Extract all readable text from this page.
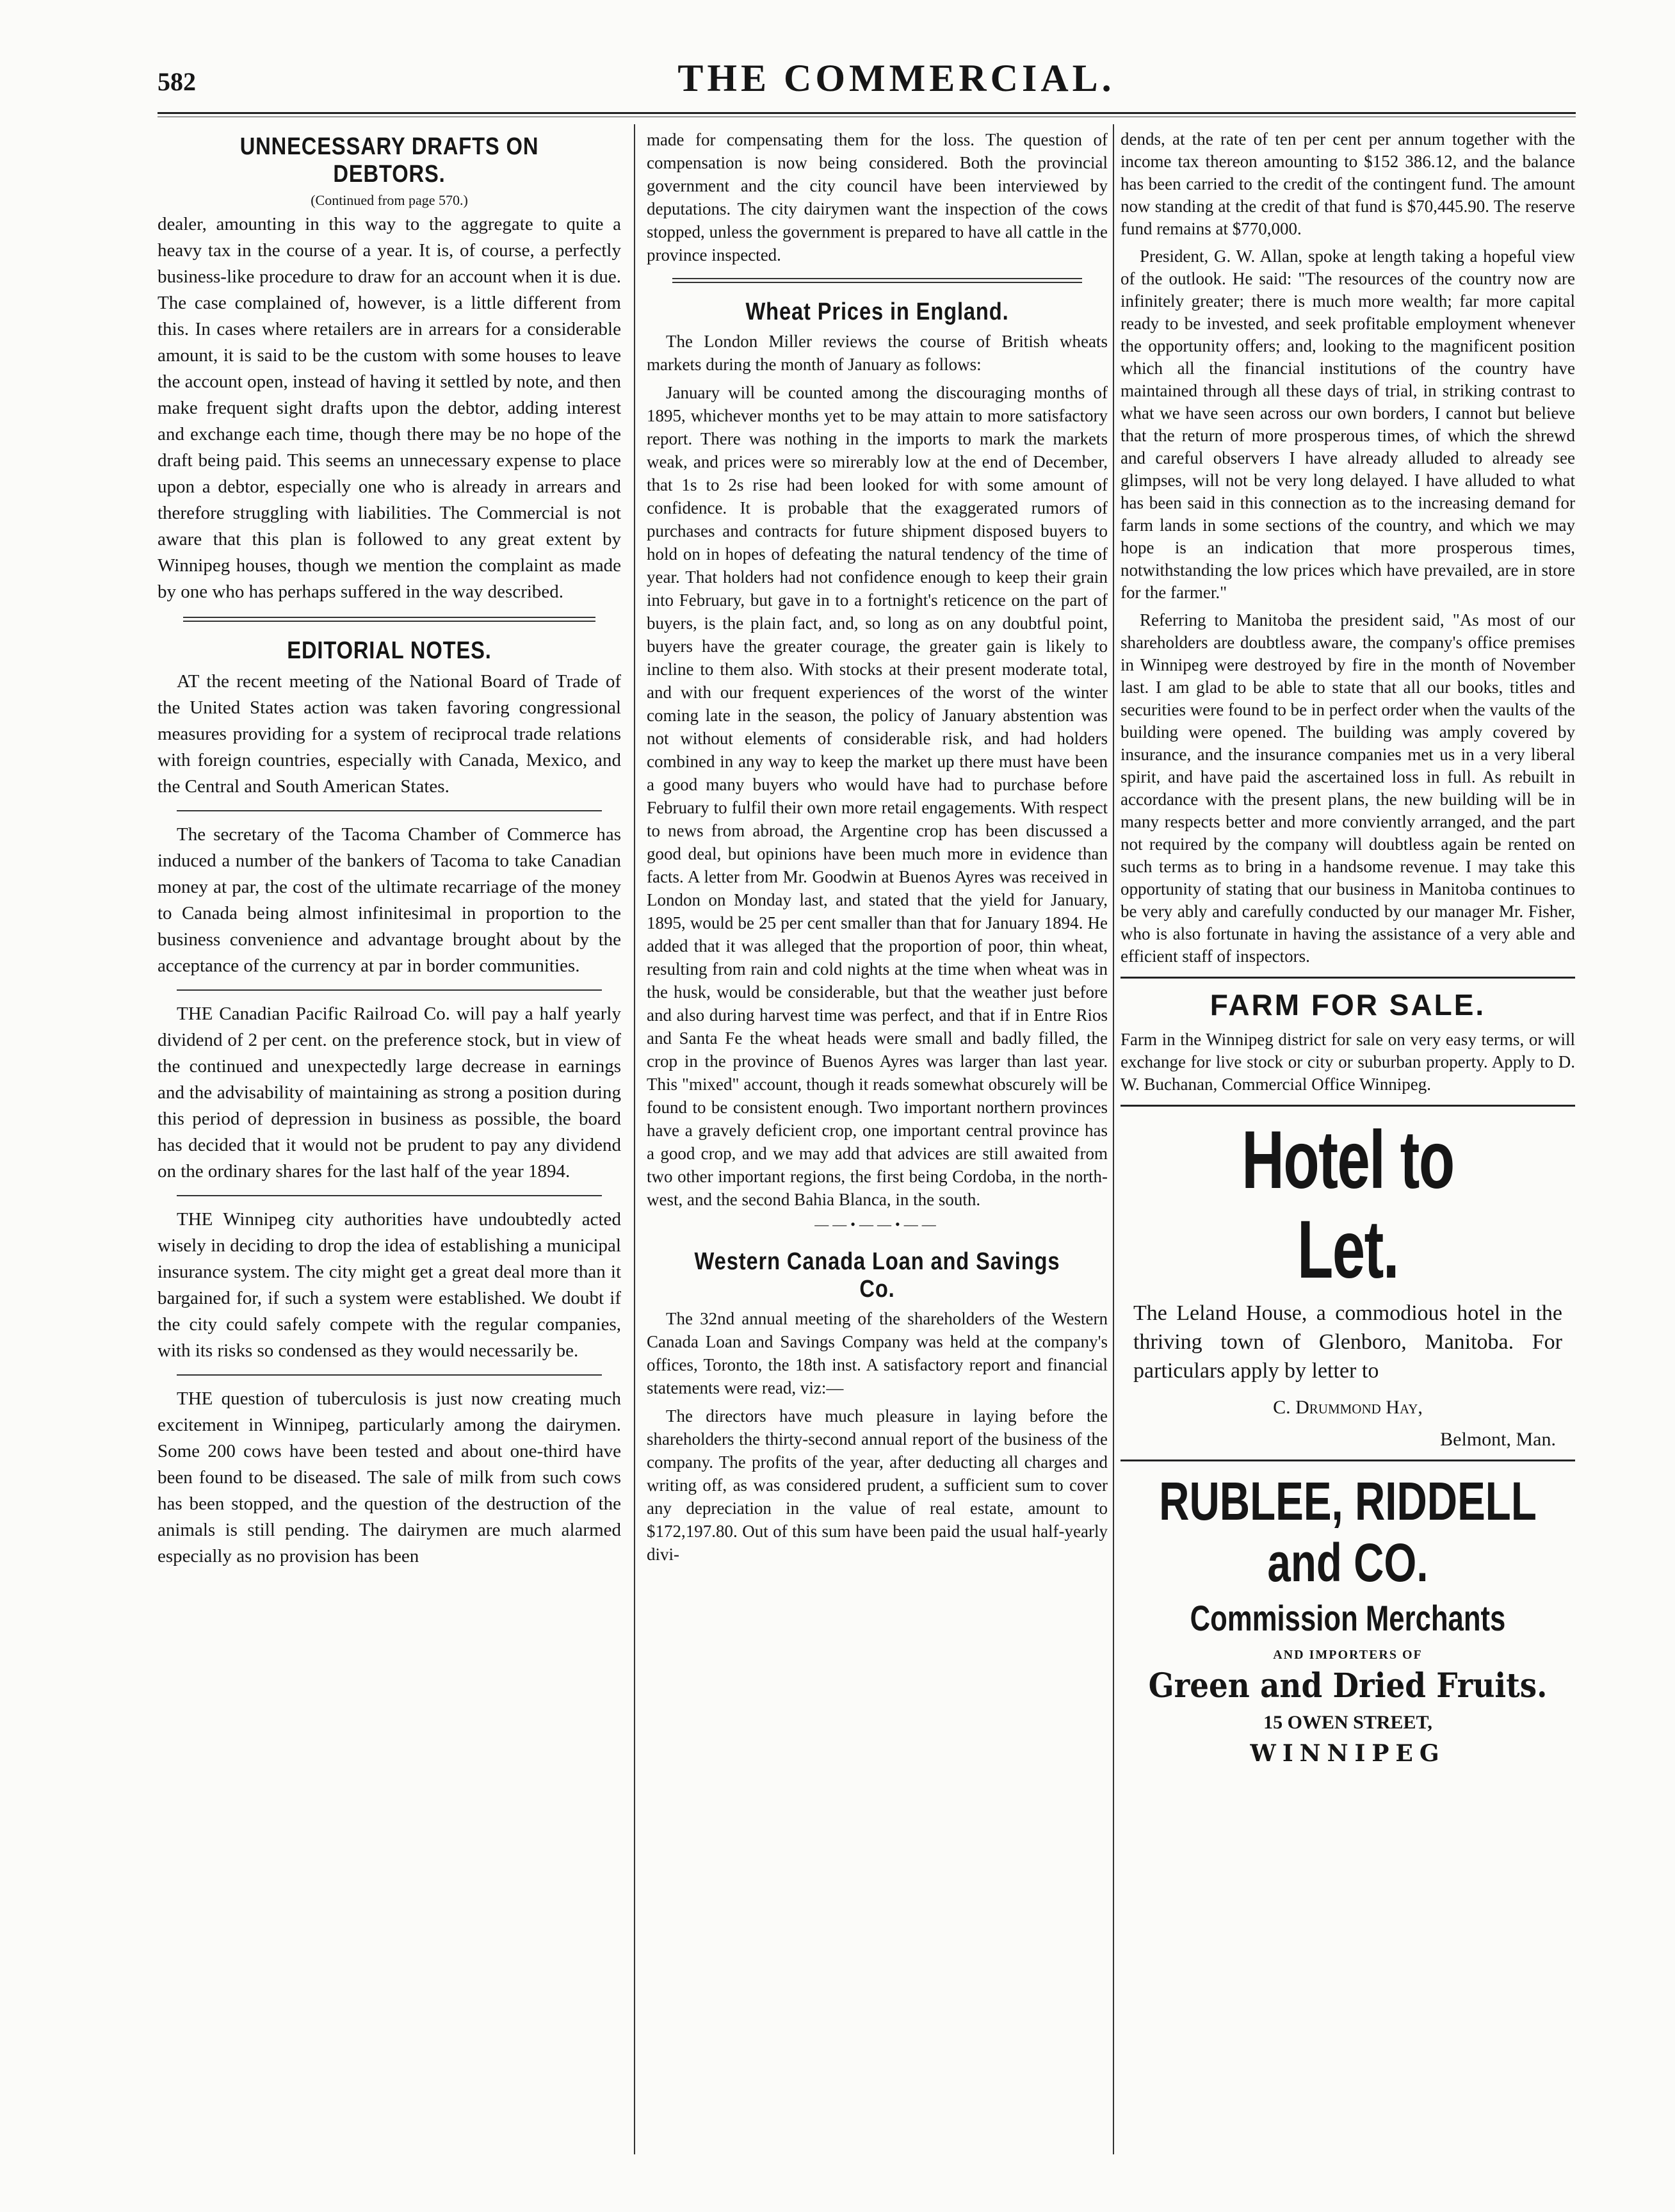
582	THE COMMERCIAL.
UNNECESSARY DRAFTS ON DEBTORS.
(Continued from page 570.)

dealer, amounting in this way to the aggregate to quite a heavy tax in the course of a year. It is, of course, a perfectly business-like procedure to draw for an account when it is due. The case complained of, however, is a little different from this. In cases where retailers are in arrears for a considerable amount, it is said to be the custom with some houses to leave the account open, instead of having it settled by note, and then make frequent sight drafts upon the debtor, adding interest and exchange each time, though there may be no hope of the draft being paid. This seems an unnecessary expense to place upon a debtor, especially one who is already in arrears and therefore struggling with liabilities. The Commercial is not aware that this plan is followed to any great extent by Winnipeg houses, though we mention the complaint as made by one who has perhaps suffered in the way described.

EDITORIAL NOTES.

AT the recent meeting of the National Board of Trade of the United States action was taken favoring congressional measures providing for a system of reciprocal trade relations with foreign countries, especially with Canada, Mexico, and the Central and South American States.

The secretary of the Tacoma Chamber of Commerce has induced a number of the bankers of Tacoma to take Canadian money at par, the cost of the ultimate recarriage of the money to Canada being almost infinitesimal in proportion to the business convenience and advantage brought about by the acceptance of the currency at par in border communities.

THE Canadian Pacific Railroad Co. will pay a half yearly dividend of 2 per cent. on the preference stock, but in view of the continued and unexpectedly large decrease in earnings and the advisability of maintaining as strong a position during this period of depression in business as possible, the board has decided that it would not be prudent to pay any dividend on the ordinary shares for the last half of the year 1894.

THE Winnipeg city authorities have undoubtedly acted wisely in deciding to drop the idea of establishing a municipal insurance system. The city might get a great deal more than it bargained for, if such a system were established. We doubt if the city could safely compete with the regular companies, with its risks so condensed as they would necessarily be.

THE question of tuberculosis is just now creating much excitement in Winnipeg, particularly among the dairymen. Some 200 cows have been tested and about one-third have been found to be diseased. The sale of milk from such cows has been stopped, and the question of the destruction of the animals is still pending. The dairymen are much alarmed especially as no provision has been

made for compensating them for the loss. The question of compensation is now being considered. Both the provincial government and the city council have been interviewed by deputations. The city dairymen want the inspection of the cows stopped, unless the government is prepared to have all cattle in the province inspected.

Wheat Prices in England.

The London Miller reviews the course of British wheats markets during the month of January as follows:

January will be counted among the discouraging months of 1895, whichever months yet to be may attain to more satisfactory report. There was nothing in the imports to mark the markets weak, and prices were so mirerably low at the end of December, that 1s to 2s rise had been looked for with some amount of confidence. It is probable that the exaggerated rumors of purchases and contracts for future shipment disposed buyers to hold on in hopes of defeating the natural tendency of the time of year. That holders had not confidence enough to keep their grain into February, but gave in to a fortnight's reticence on the part of buyers, is the plain fact, and, so long as on any doubtful point, buyers have the greater courage, the greater gain is likely to incline to them also. With stocks at their present moderate total, and with our frequent experiences of the worst of the winter coming late in the season, the policy of January abstention was not without elements of considerable risk, and had holders combined in any way to keep the market up there must have been a good many buyers who would have had to purchase before February to fulfil their own more retail engagements. With respect to news from abroad, the Argentine crop has been discussed a good deal, but opinions have been much more in evidence than facts. A letter from Mr. Goodwin at Buenos Ayres was received in London on Monday last, and stated that the yield for January, 1895, would be 25 per cent smaller than that for January 1894. He added that it was alleged that the proportion of poor, thin wheat, resulting from rain and cold nights at the time when wheat was in the husk, would be considerable, but that the weather just before and also during harvest time was perfect, and that if in Entre Rios and Santa Fe the wheat heads were small and badly filled, the crop in the province of Buenos Ayres was larger than last year. This "mixed" account, though it reads somewhat obscurely will be found to be consistent enough. Two important northern provinces have a gravely deficient crop, one important central province has a good crop, and we may add that advices are still awaited from two other important regions, the first being Cordoba, in the north-west, and the second Bahia Blanca, in the south.

——•——•——
Western Canada Loan and Savings Co.

The 32nd annual meeting of the shareholders of the Western Canada Loan and Savings Company was held at the company's offices, Toronto, the 18th inst. A satisfactory report and financial statements were read, viz:—

The directors have much pleasure in laying before the shareholders the thirty-second annual report of the business of the company. The profits of the year, after deducting all charges and writing off, as was considered prudent, a sufficient sum to cover any depreciation in the value of real estate, amount to $172,197.80. Out of this sum have been paid the usual half-yearly divi-

dends, at the rate of ten per cent per annum together with the income tax thereon amounting to $152 386.12, and the balance has been carried to the credit of the contingent fund. The amount now standing at the credit of that fund is $70,445.90. The reserve fund remains at $770,000.

President, G. W. Allan, spoke at length taking a hopeful view of the outlook. He said: "The resources of the country now are infinitely greater; there is much more wealth; far more capital ready to be invested, and seek profitable employment whenever the opportunity offers; and, looking to the magnificent position which all the financial institutions of the country have maintained through all these days of trial, in striking contrast to what we have seen across our own borders, I cannot but believe that the return of more prosperous times, of which the shrewd and careful observers I have already alluded to already see glimpses, will not be very long delayed. I have alluded to what has been said in this connection as to the increasing demand for farm lands in some sections of the country, and which we may hope is an indication that more prosperous times, notwithstanding the low prices which have prevailed, are in store for the farmer."

Referring to Manitoba the president said, "As most of our shareholders are doubtless aware, the company's office premises in Winnipeg were destroyed by fire in the month of November last. I am glad to be able to state that all our books, titles and securities were found to be in perfect order when the vaults of the building were opened. The building was amply covered by insurance, and the insurance companies met us in a very liberal spirit, and have paid the ascertained loss in full. As rebuilt in accordance with the present plans, the new building will be in many respects better and more conviently arranged, and the part not required by the company will doubtless again be rented on such terms as to bring in a handsome revenue. I may take this opportunity of stating that our business in Manitoba continues to be very ably and carefully conducted by our manager Mr. Fisher, who is also fortunate in having the assistance of a very able and efficient staff of inspectors.

FARM FOR SALE.

Farm in the Winnipeg district for sale on very easy terms, or will exchange for live stock or city or suburban property. Apply to D. W. Buchanan, Commercial Office Winnipeg.

Hotel to Let.
The Leland House, a commodious hotel in the thriving town of Glenboro, Manitoba. For particulars apply by letter to
C. Drummond Hay,
Belmont, Man.
RUBLEE, RIDDELL and CO.
Commission Merchants
AND IMPORTERS OF
Green and Dried Fruits.
15 OWEN STREET,
WINNIPEG
